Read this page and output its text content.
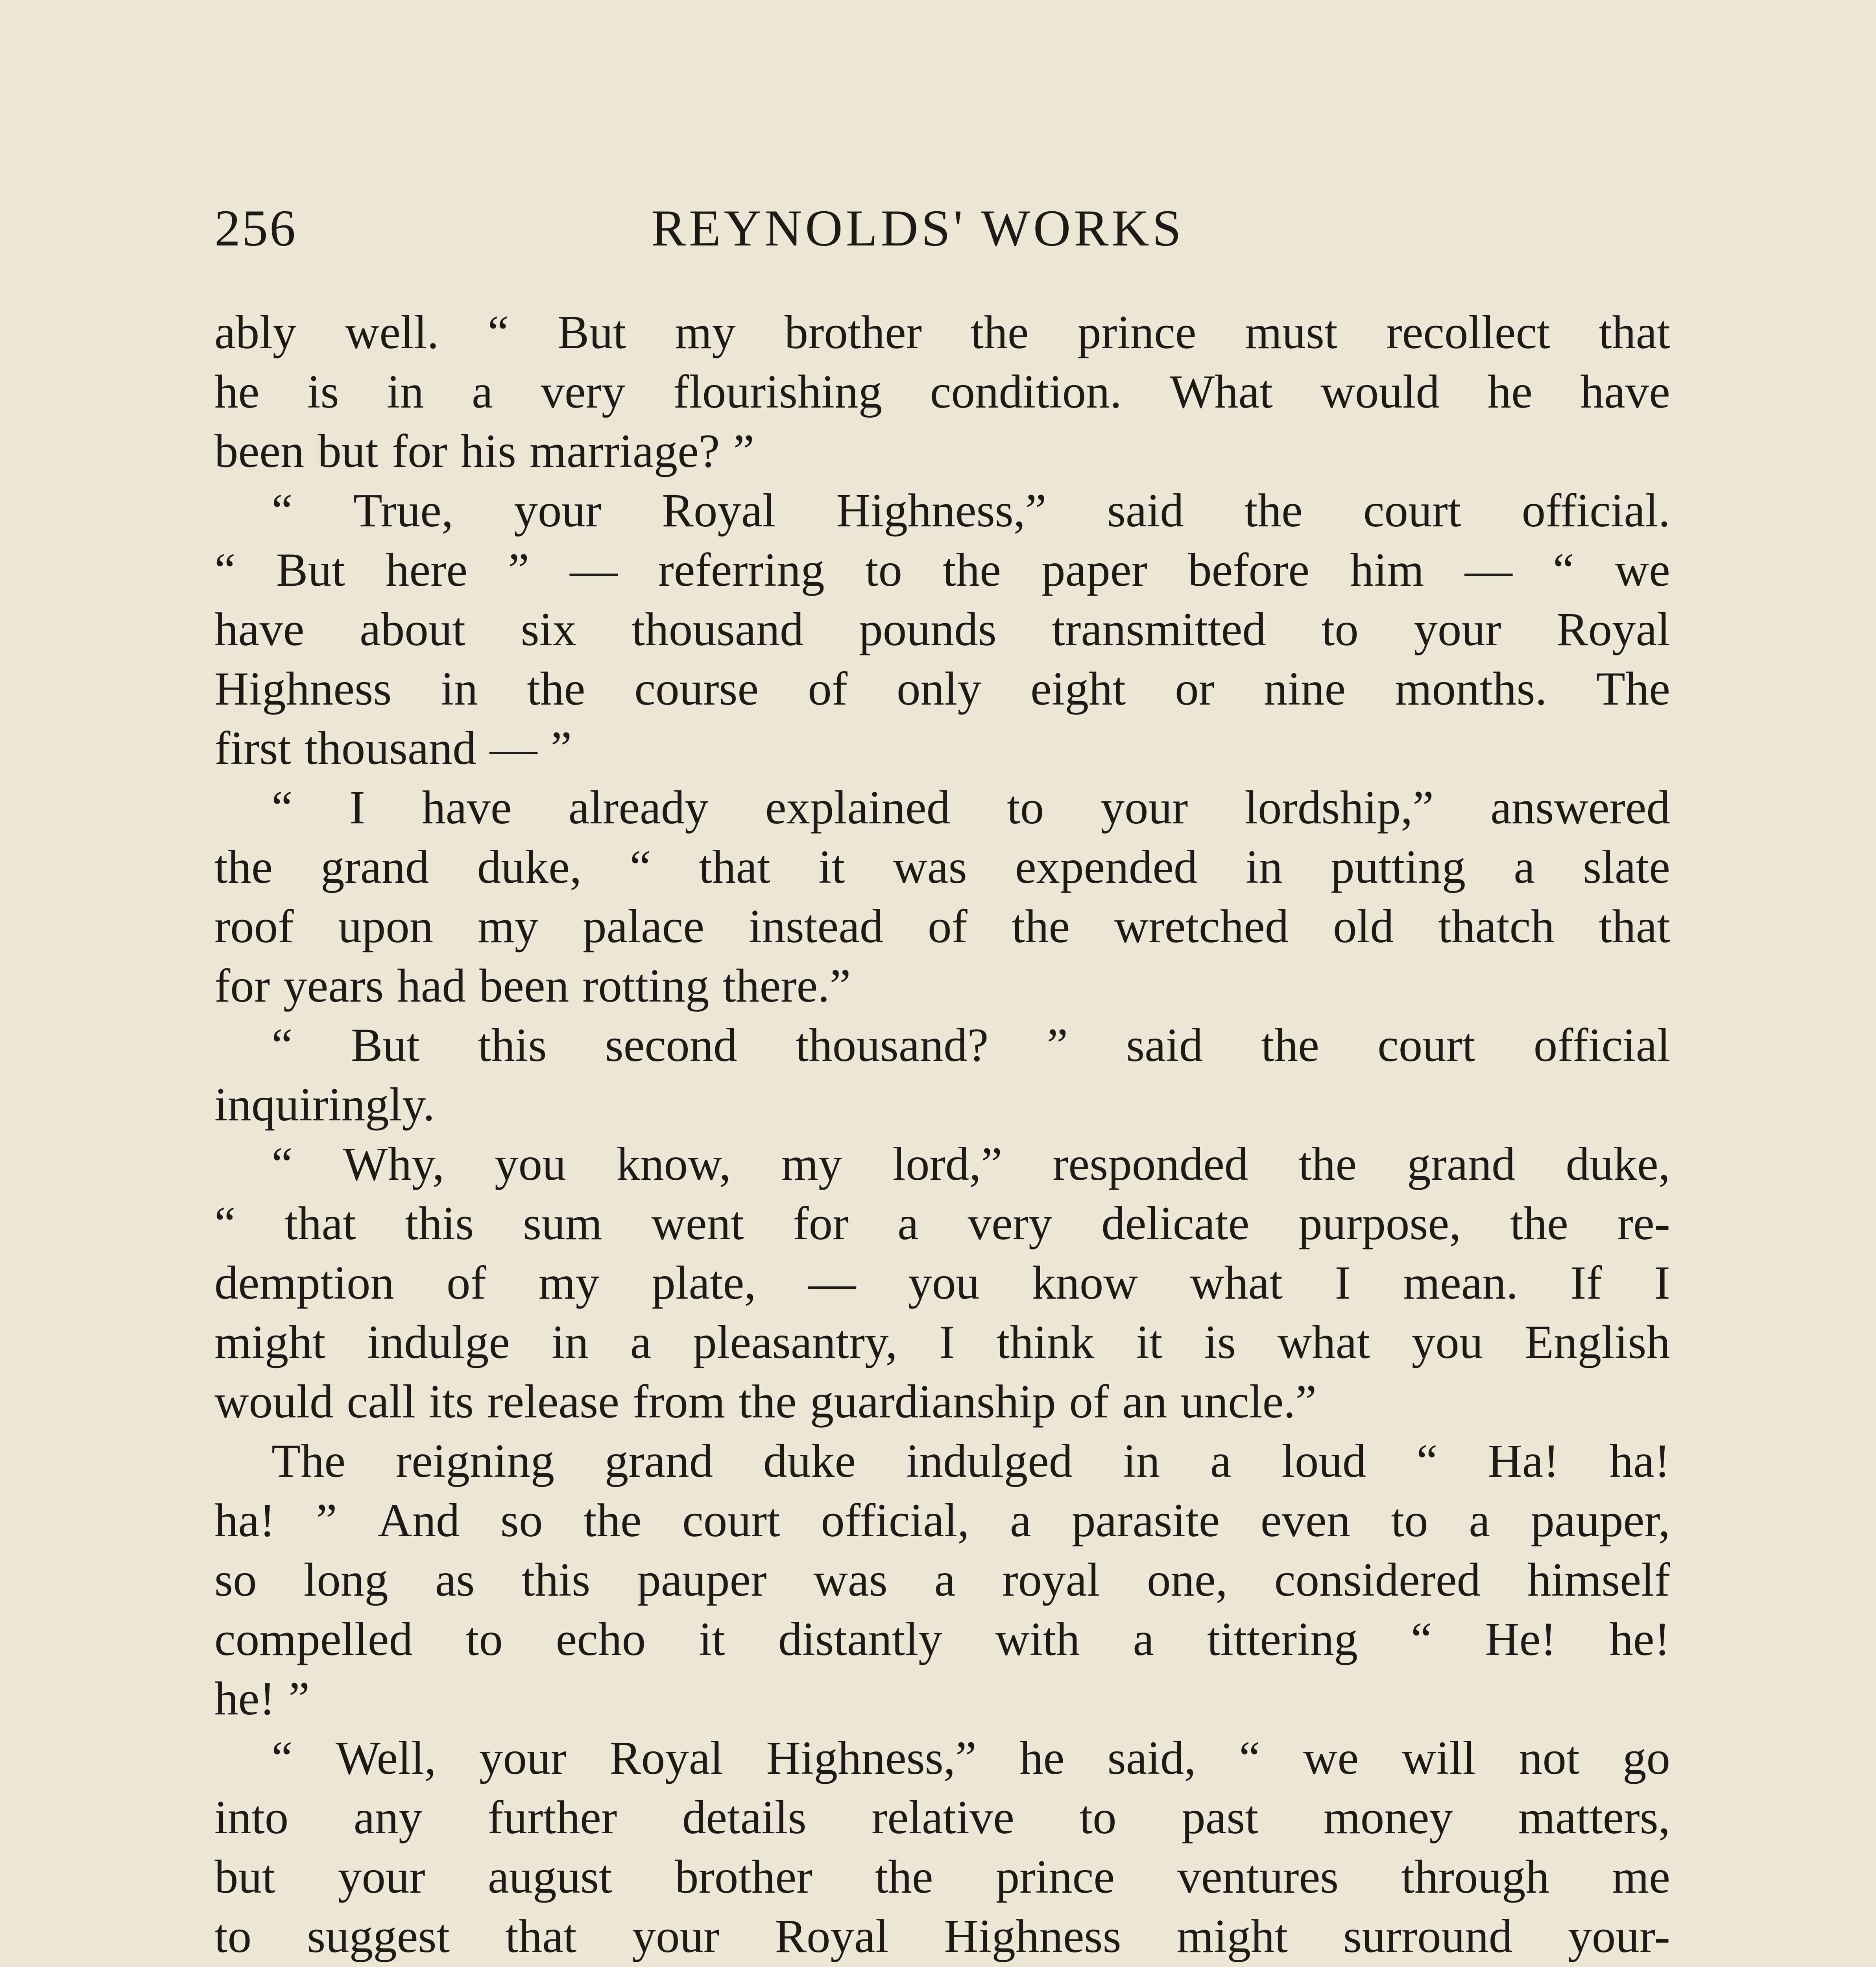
256	REYNOLDS' WORKS
ably well. “ But my brother the prince must recollect that
he is in a very flourishing condition. What would he have
been but for his marriage? ”
“ True, your Royal Highness,” said the court official.
“ But here ” — referring to the paper before him — “ we
have about six thousand pounds transmitted to your Royal
Highness in the course of only eight or nine months. The
first thousand — ”
“ I have already explained to your lordship,” answered
the grand duke, “ that it was expended in putting a slate
roof upon my palace instead of the wretched old thatch that
for years had been rotting there.”
“ But this second thousand? ” said the court official
inquiringly.
“ Why, you know, my lord,” responded the grand duke,
“ that this sum went for a very delicate purpose, the re-
demption of my plate, — you know what I mean. If I
might indulge in a pleasantry, I think it is what you English
would call its release from the guardianship of an uncle.”
The reigning grand duke indulged in a loud “ Ha! ha!
ha! ” And so the court official, a parasite even to a pauper,
so long as this pauper was a royal one, considered himself
compelled to echo it distantly with a tittering “ He! he!
he! ”
“ Well, your Royal Highness,” he said, “ we will not go
into any further details relative to past money matters,
but your august brother the prince ventures through me
to suggest that your Royal Highness might surround your-
